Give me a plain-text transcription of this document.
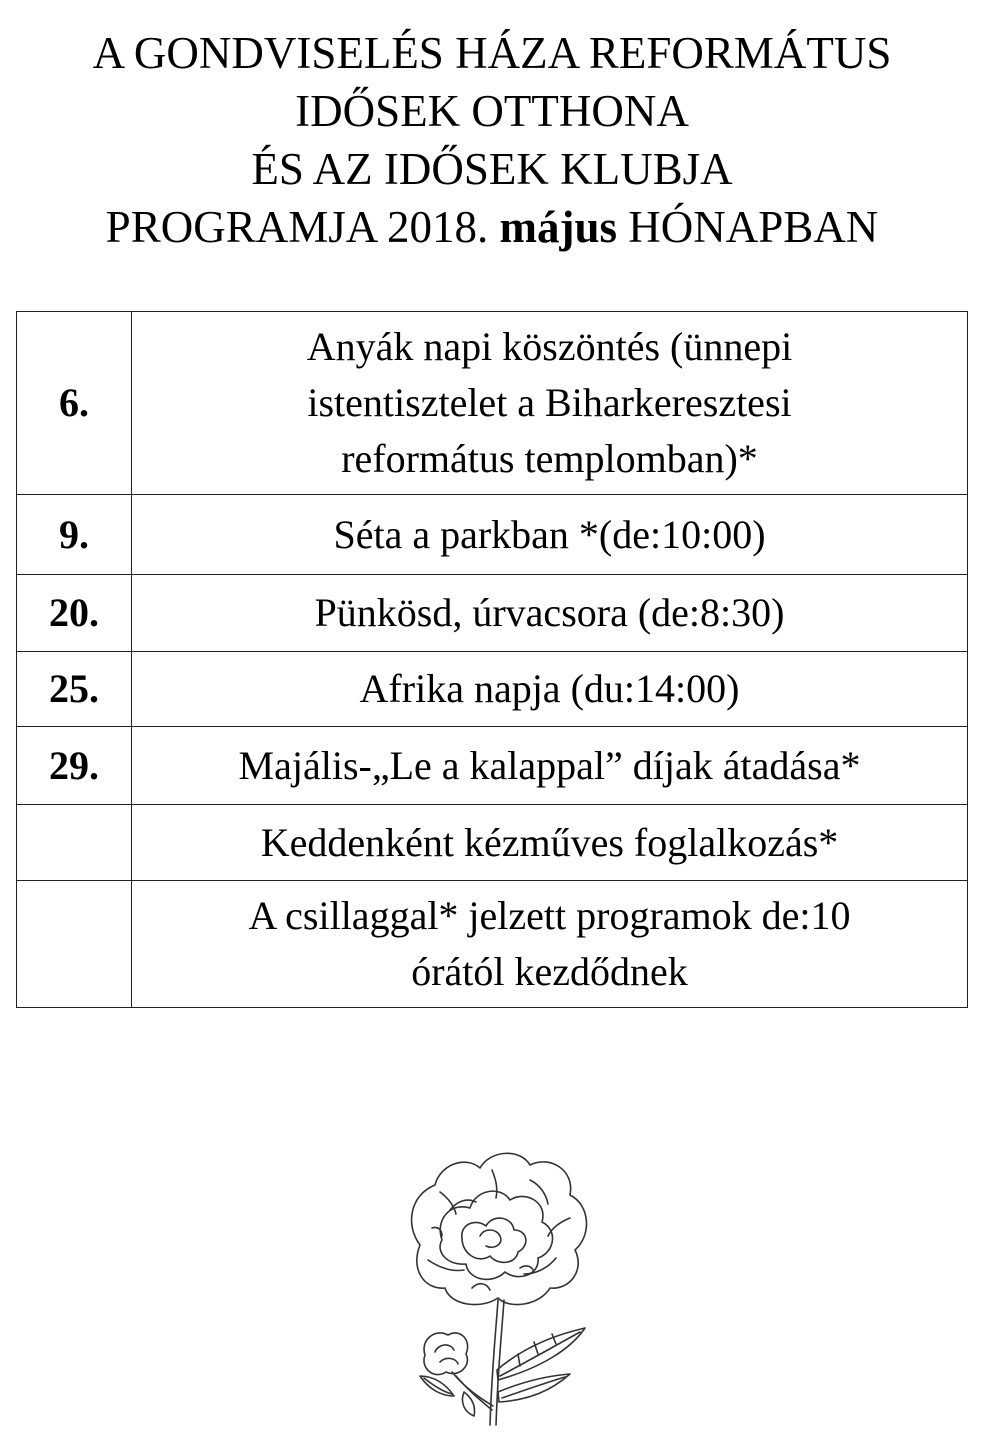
A GONDVISELÉS HÁZA REFORMÁTUS
IDŐSEK OTTHONA
ÉS AZ IDŐSEK KLUBJA
PROGRAMJA 2018. május HÓNAPBAN
6.	Anyák napi köszöntés (ünnepi
istentisztelet a Biharkeresztesi
református templomban)*

9.	Séta a parkban *(de:10:00)

20.	Pünkösd, úrvacsora (de:8:30)

25.	Afrika napja (du:14:00)

29.	Majális-„Le a kalappal” díjak átadása*

	Keddenként kézműves foglalkozás*

	A csillaggal* jelzett programok de:10
órától kezdődnek
